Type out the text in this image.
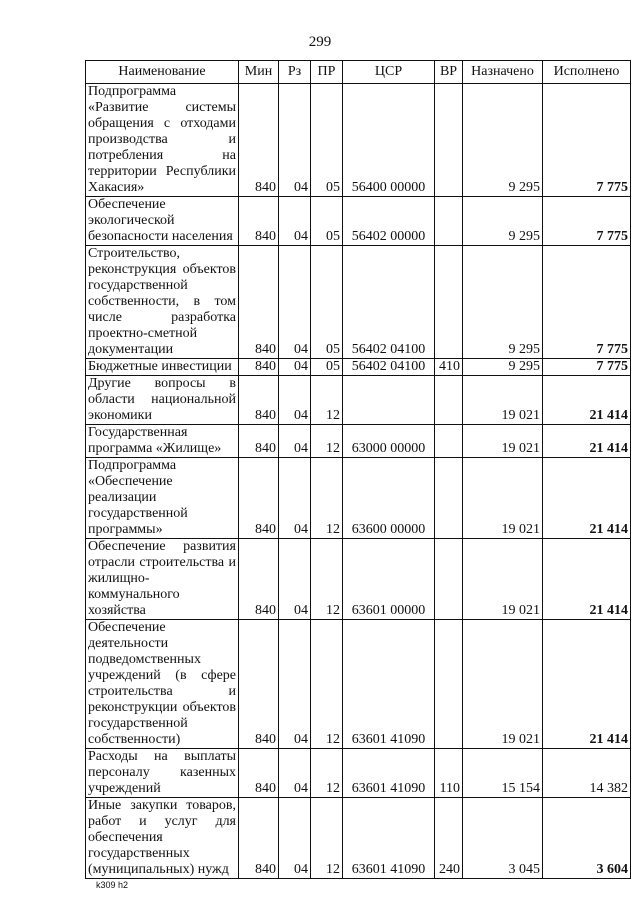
299
Наименование	Мин	Рз	ПР	ЦСР	ВР	Назначено	Исполнено
Подпрограмма «Развитие системы обращения с отходами производства и потребления на территории Республики Хакасия»	840	04	05	56400 00000		9 295	7 775
Обеспечение экологической безопасности населения	840	04	05	56402 00000		9 295	7 775
Строительство, реконструкция объектов государственной собственности, в том числе разработка проектно-сметной документации	840	04	05	56402 04100		9 295	7 775
Бюджетные инвестиции	840	04	05	56402 04100	410	9 295	7 775
Другие вопросы в области национальной экономики	840	04	12			19 021	21 414
Государственная программа «Жилище»	840	04	12	63000 00000		19 021	21 414
Подпрограмма «Обеспечение реализации государственной программы»	840	04	12	63600 00000		19 021	21 414
Обеспечение развития отрасли строительства и жилищно-коммунального хозяйства	840	04	12	63601 00000		19 021	21 414
Обеспечение деятельности подведомственных учреждений (в сфере строительства и реконструкции объектов государственной собственности)	840	04	12	63601 41090		19 021	21 414
Расходы на выплаты персоналу казенных учреждений	840	04	12	63601 41090	110	15 154	14 382
Иные закупки товаров, работ и услуг для обеспечения государственных (муниципальных) нужд	840	04	12	63601 41090	240	3 045	3 604
k309 h2
